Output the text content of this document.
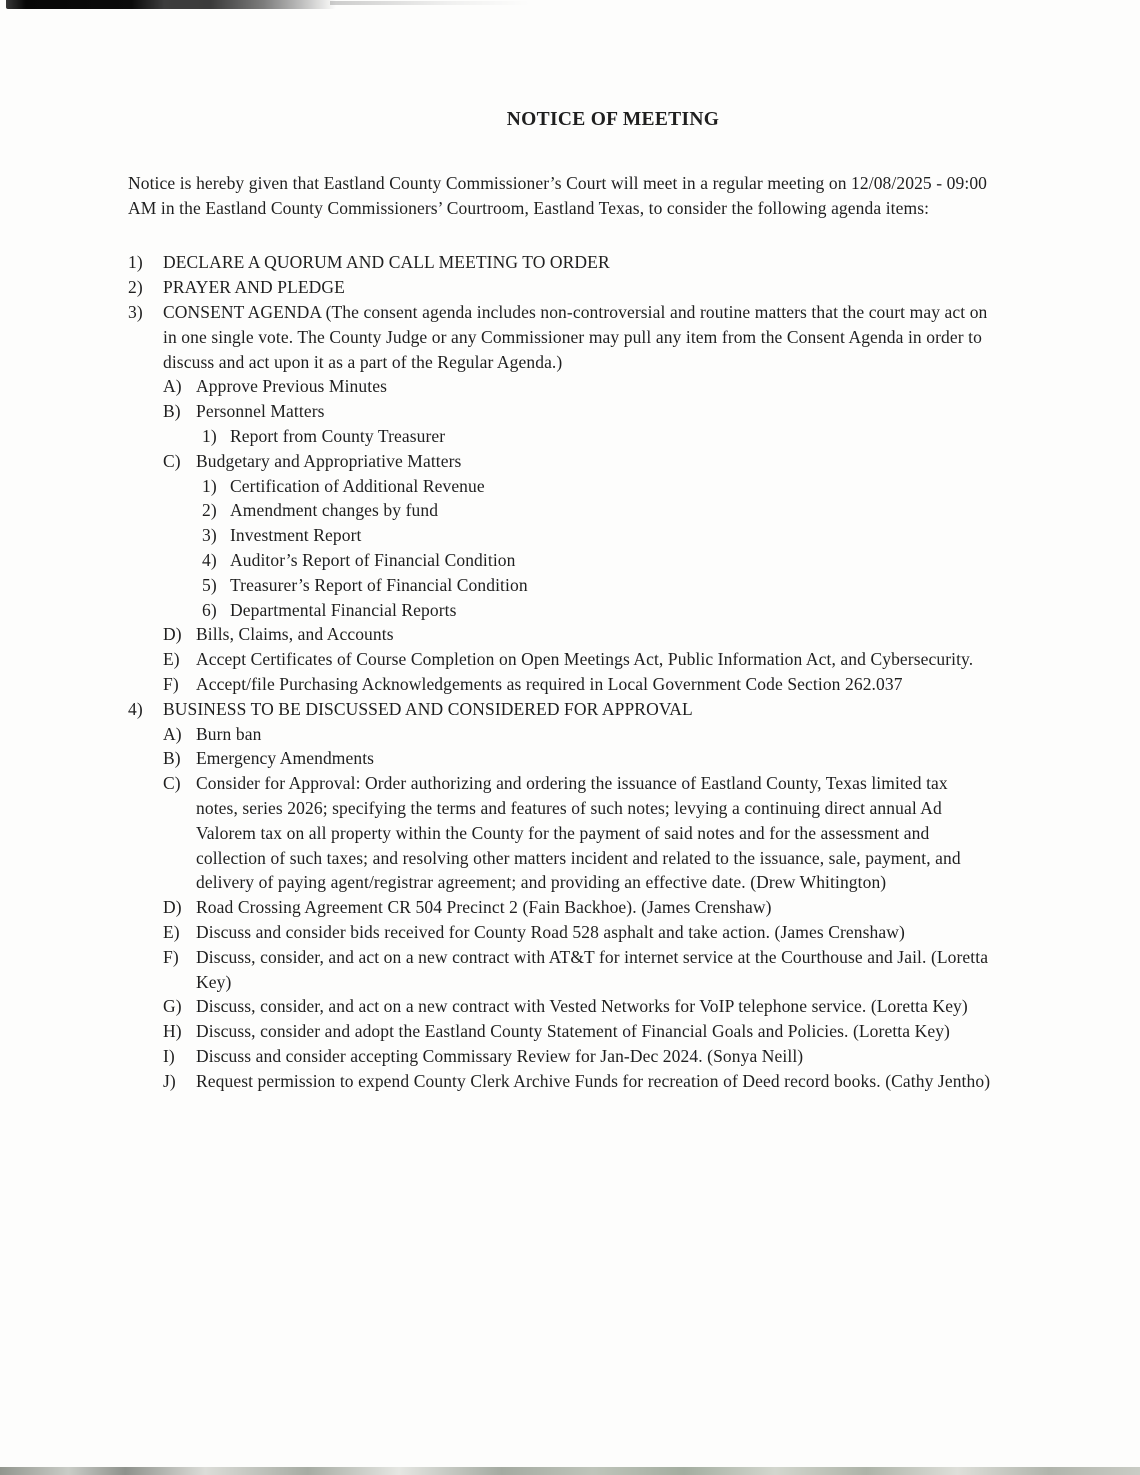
NOTICE OF MEETING

Notice is hereby given that Eastland County Commissioner’s Court will meet in a regular meeting on 12/08/2025 - 09:00 AM in the Eastland County Commissioners’ Courtroom, Eastland Texas, to consider the following agenda items:

1)	DECLARE A QUORUM AND CALL MEETING TO ORDER
2)	PRAYER AND PLEDGE
3)	CONSENT AGENDA (The consent agenda includes non-controversial and routine matters that the court may act on in one single vote. The County Judge or any Commissioner may pull any item from the Consent Agenda in order to discuss and act upon it as a part of the Regular Agenda.)
A) Approve Previous Minutes
B) Personnel Matters
1) Report from County Treasurer
C) Budgetary and Appropriative Matters
1) Certification of Additional Revenue
2) Amendment changes by fund
3) Investment Report
4) Auditor’s Report of Financial Condition
5) Treasurer’s Report of Financial Condition
6) Departmental Financial Reports
D) Bills, Claims, and Accounts
E) Accept Certificates of Course Completion on Open Meetings Act, Public Information Act, and Cybersecurity.
F) Accept/file Purchasing Acknowledgements as required in Local Government Code Section 262.037
4)	BUSINESS TO BE DISCUSSED AND CONSIDERED FOR APPROVAL
A) Burn ban
B) Emergency Amendments
C) Consider for Approval: Order authorizing and ordering the issuance of Eastland County, Texas limited tax notes, series 2026; specifying the terms and features of such notes; levying a continuing direct annual Ad Valorem tax on all property within the County for the payment of said notes and for the assessment and collection of such taxes; and resolving other matters incident and related to the issuance, sale, payment, and delivery of paying agent/registrar agreement; and providing an effective date. (Drew Whitington)
D) Road Crossing Agreement CR 504 Precinct 2 (Fain Backhoe). (James Crenshaw)
E) Discuss and consider bids received for County Road 528 asphalt and take action. (James Crenshaw)
F) Discuss, consider, and act on a new contract with AT&T for internet service at the Courthouse and Jail. (Loretta Key)
G) Discuss, consider, and act on a new contract with Vested Networks for VoIP telephone service. (Loretta Key)
H) Discuss, consider and adopt the Eastland County Statement of Financial Goals and Policies. (Loretta Key)
I)	Discuss and consider accepting Commissary Review for Jan-Dec 2024. (Sonya Neill)
J)	Request permission to expend County Clerk Archive Funds for recreation of Deed record books. (Cathy Jentho)
